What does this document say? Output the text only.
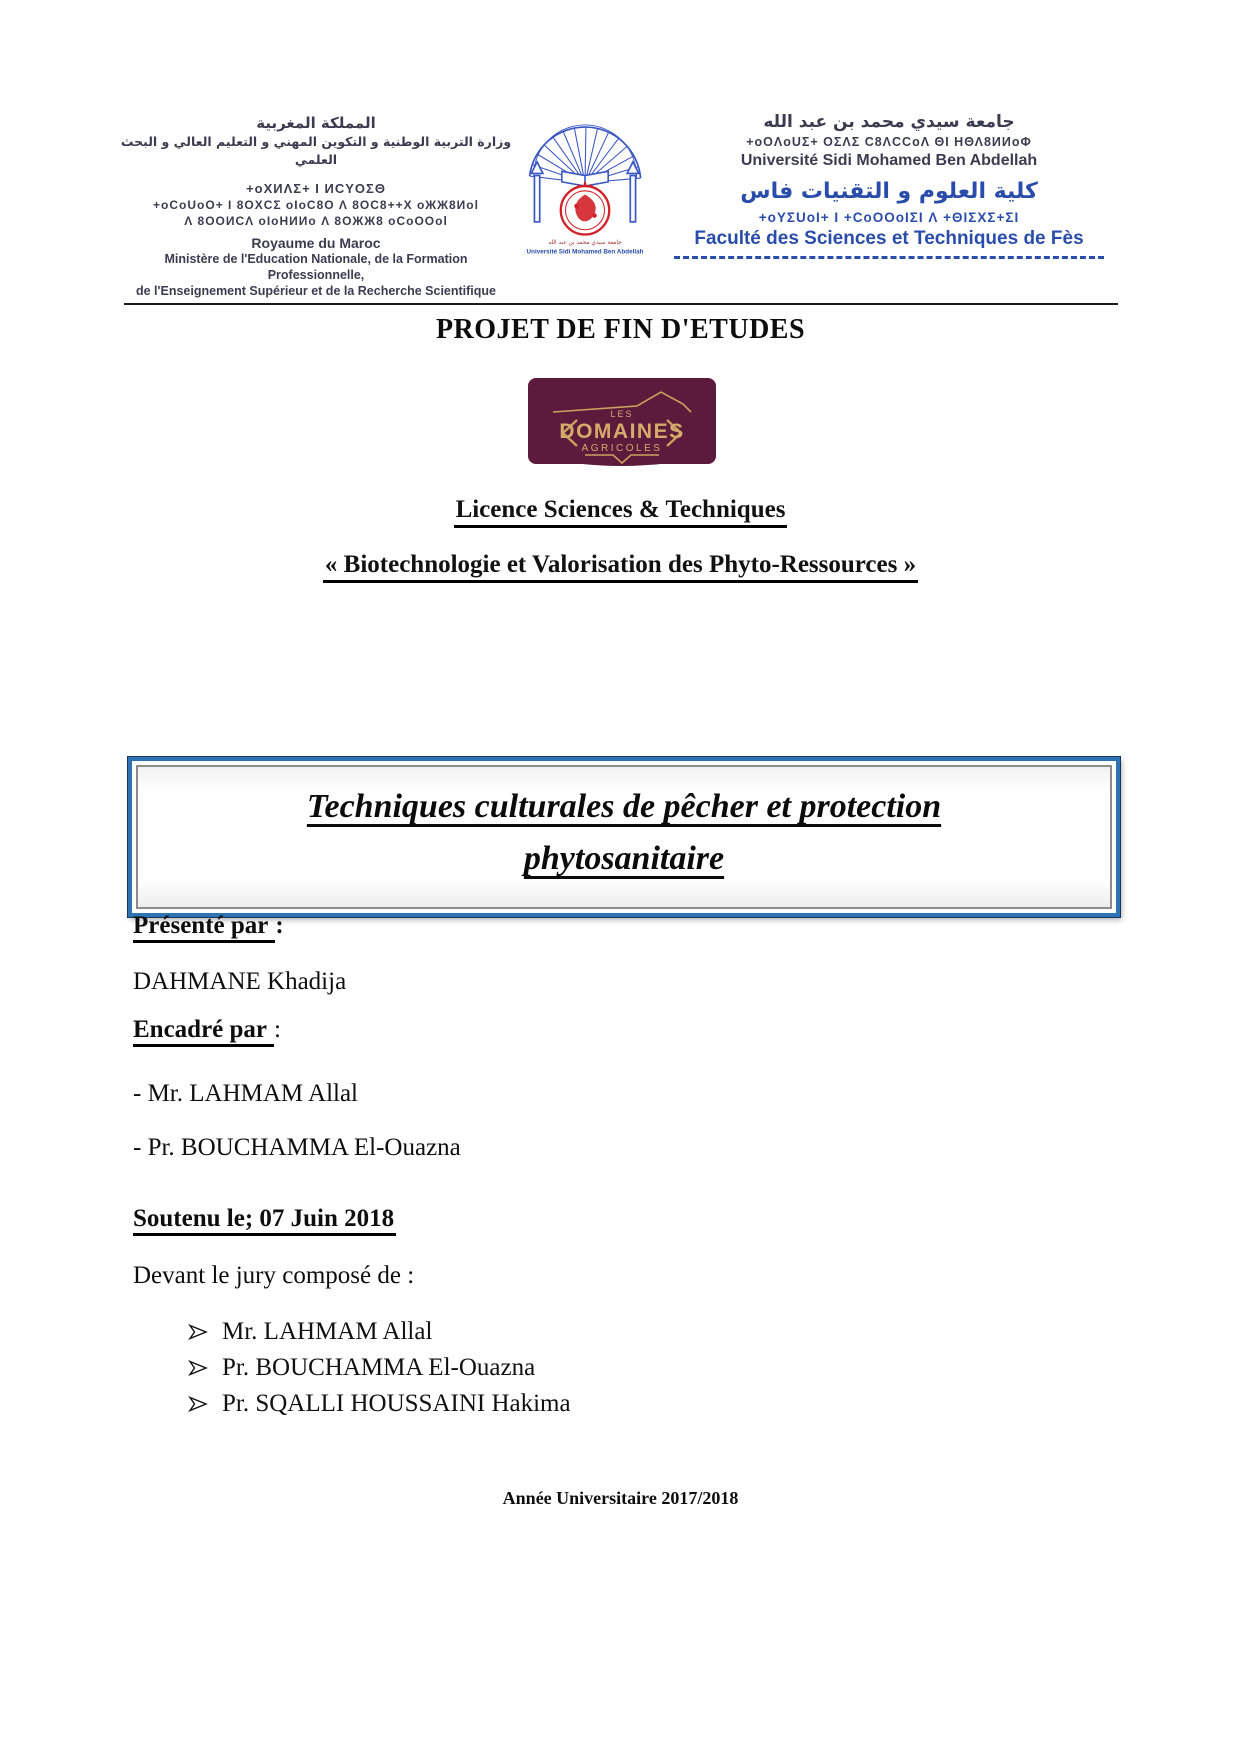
المملكة المغربية
وزارة التربية الوطنية و التكوين المهني و التعليم العالي و البحث العلمي
+oXИΛΣ+ I ИCYOΣΘ
+oCoUoO+ I 8OXCΣ oIoC8O Λ 8OC8++X oЖЖ8Иol
Λ 8OOИCΛ oIoHИИo Λ 8OЖЖ8 oCoOOol
Royaume du Maroc
Ministère de l'Education Nationale, de la Formation Professionnelle,
de l'Enseignement Supérieur et de la Recherche Scientifique
جامعة سيدي محمد بن عبد الله
Université Sidi Mohamed Ben Abdellah
جامعة سيدي محمد بن عبد الله
+oOΛoUΣ+ OΣΛΣ C8ΛCCoΛ ΘI ΗΘΛ8ИИoΦ
Université Sidi Mohamed Ben Abdellah
كلية العلوم و التقنيات فاس
+oYΣUoI+ I +CoOOoIΣI Λ +ΘIΣXΣ+ΣI
Faculté des Sciences et Techniques de Fès
PROJET DE FIN D'ETUDES
LES
DOMAINES
AGRICOLES
Licence Sciences & Techniques
« Biotechnologie et Valorisation des Phyto-Ressources »
Techniques culturales de pêcher et protection
phytosanitaire
Présenté par :
DAHMANE Khadija
Encadré par :
- Mr. LAHMAM Allal
- Pr. BOUCHAMMA El-Ouazna
Soutenu le; 07 Juin 2018
Devant le jury composé de :
Mr. LAHMAM Allal
Pr. BOUCHAMMA El-Ouazna
Pr. SQALLI HOUSSAINI Hakima
Année Universitaire 2017/2018
